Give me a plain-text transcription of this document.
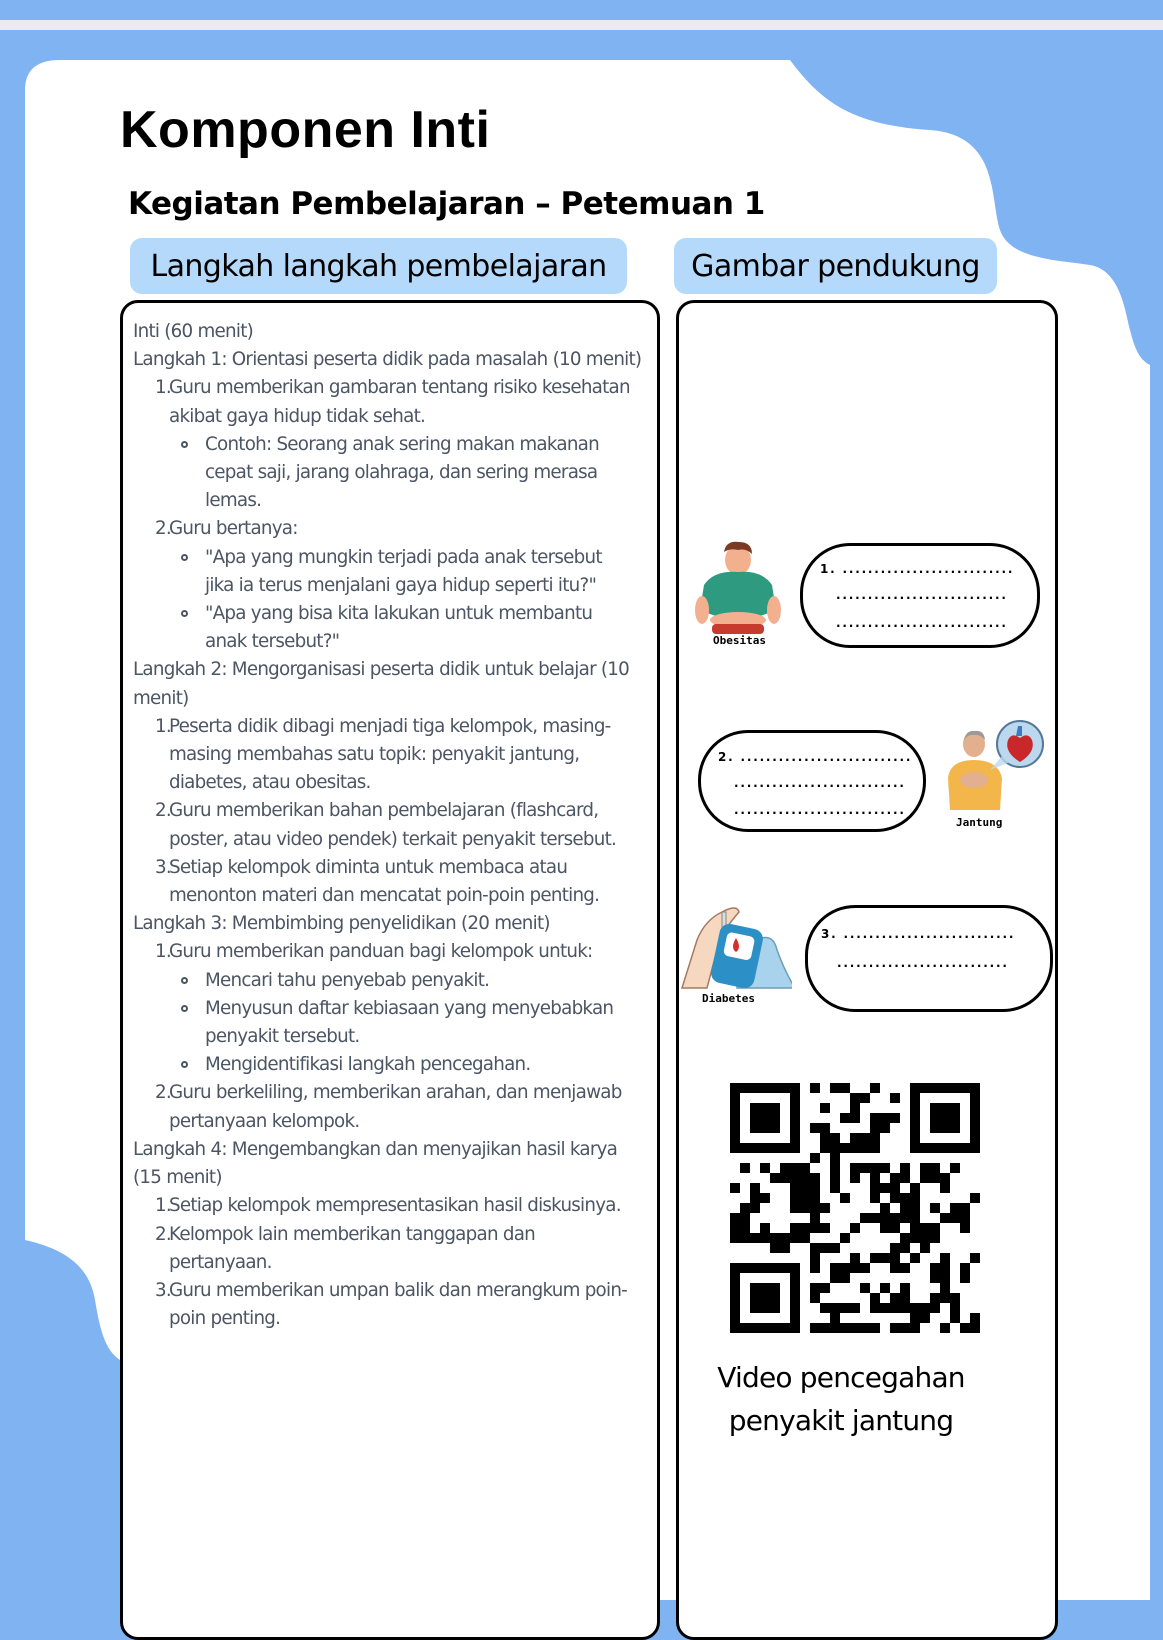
Komponen Inti
Kegiatan Pembelajaran – Petemuan 1
Langkah langkah pembelajaran	Gambar pendukung
Inti (60 menit)
Langkah 1: Orientasi peserta didik pada masalah (10 menit)
1.Guru memberikan gambaran tentang risiko kesehatan
akibat gaya hidup tidak sehat.
Contoh: Seorang anak sering makan makanan
cepat saji, jarang olahraga, dan sering merasa
lemas.
2.Guru bertanya:
"Apa yang mungkin terjadi pada anak tersebut
jika ia terus menjalani gaya hidup seperti itu?"
"Apa yang bisa kita lakukan untuk membantu
anak tersebut?"
Langkah 2: Mengorganisasi peserta didik untuk belajar (10
menit)
1.Peserta didik dibagi menjadi tiga kelompok, masing-
masing membahas satu topik: penyakit jantung,
diabetes, atau obesitas.
2.Guru memberikan bahan pembelajaran (flashcard,
poster, atau video pendek) terkait penyakit tersebut.
3.Setiap kelompok diminta untuk membaca atau
menonton materi dan mencatat poin-poin penting.
Langkah 3: Membimbing penyelidikan (20 menit)
1.Guru memberikan panduan bagi kelompok untuk:
Mencari tahu penyebab penyakit.
Menyusun daftar kebiasaan yang menyebabkan
penyakit tersebut.
Mengidentifikasi langkah pencegahan.
2.Guru berkeliling, memberikan arahan, dan menjawab
pertanyaan kelompok.
Langkah 4: Mengembangkan dan menyajikan hasil karya
(15 menit)
1.Setiap kelompok mempresentasikan hasil diskusinya.
2.Kelompok lain memberikan tanggapan dan
pertanyaan.
3.Guru memberikan umpan balik dan merangkum poin-
poin penting.
Obesitas
1. ...........................
...........................
...........................
2. ...........................
...........................
...........................
Jantung
Diabetes
3. ...........................
...........................
Video pencegahan
penyakit jantung
